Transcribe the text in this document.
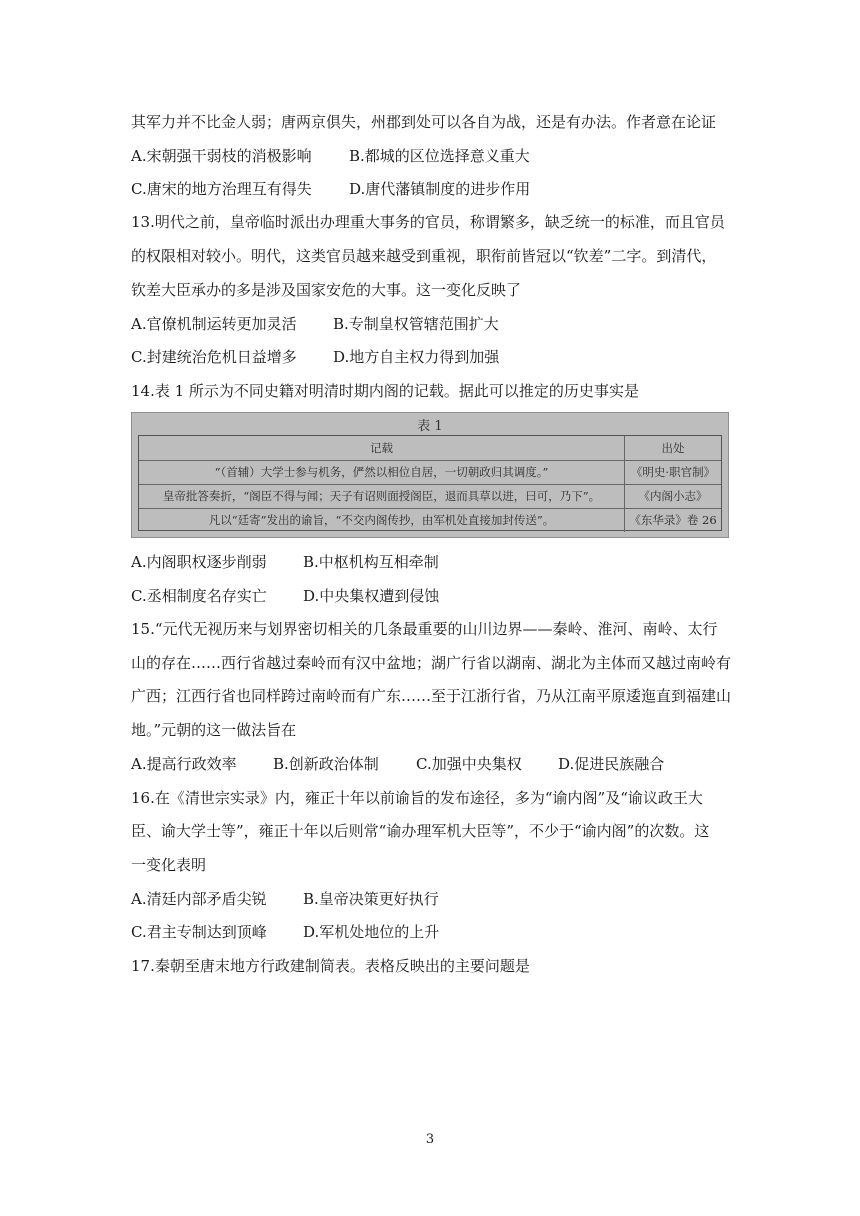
其军力并不比金人弱；唐两京俱失，州郡到处可以各自为战，还是有办法。作者意在论证
A.宋朝强干弱枝的消极影响 B.都城的区位选择意义重大
C.唐宋的地方治理互有得失 D.唐代藩镇制度的进步作用
13.明代之前，皇帝临时派出办理重大事务的官员，称谓繁多，缺乏统一的标准，而且官员
的权限相对较小。明代，这类官员越来越受到重视，职衔前皆冠以“钦差”二字。到清代，
钦差大臣承办的多是涉及国家安危的大事。这一变化反映了
A.官僚机制运转更加灵活 B.专制皇权管辖范围扩大
C.封建统治危机日益增多 D.地方自主权力得到加强
14.表 1 所示为不同史籍对明清时期内阁的记载。据此可以推定的历史事实是
表 1
记载	出处
“（首辅）大学士参与机务，俨然以相位自居，一切朝政归其调度。”	《明史·职官制》
皇帝批答奏折，“阁臣不得与闻；天子有诏则面授阁臣，退而具草以进，曰可，乃下”。	《内阁小志》
凡以“廷寄”发出的谕旨，“不交内阁传抄，由军机处直接加封传送”。	《东华录》卷 26
A.内阁职权逐步削弱 B.中枢机构互相牵制
C.丞相制度名存实亡 D.中央集权遭到侵蚀
15.“元代无视历来与划界密切相关的几条最重要的山川边界——秦岭、淮河、南岭、太行
山的存在……西行省越过秦岭而有汉中盆地；湖广行省以湖南、湖北为主体而又越过南岭有
广西；江西行省也同样跨过南岭而有广东……至于江浙行省，乃从江南平原逶迤直到福建山
地。”元朝的这一做法旨在
A.提高行政效率 B.创新政治体制 C.加强中央集权 D.促进民族融合
16.在《清世宗实录》内，雍正十年以前谕旨的发布途径，多为“谕内阁”及“谕议政王大
臣、谕大学士等”，雍正十年以后则常“谕办理军机大臣等”，不少于“谕内阁”的次数。这
一变化表明
A.清廷内部矛盾尖锐 B.皇帝决策更好执行
C.君主专制达到顶峰 D.军机处地位的上升
17.秦朝至唐末地方行政建制简表。表格反映出的主要问题是
3
